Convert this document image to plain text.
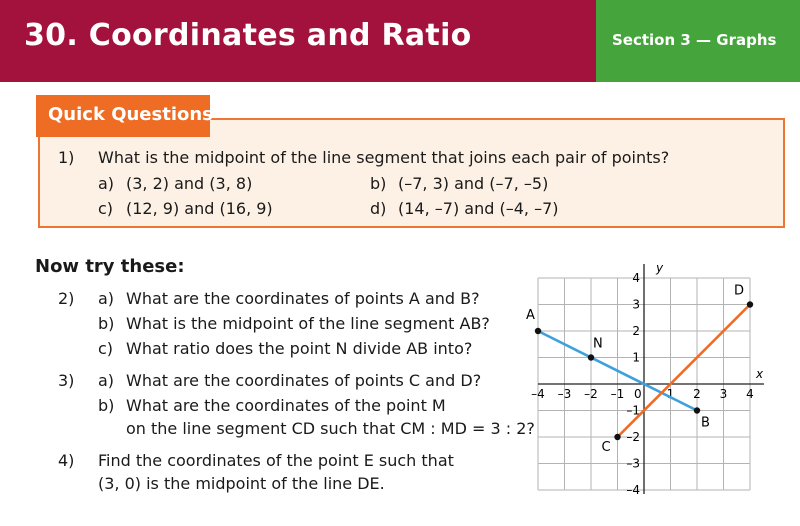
30. Coordinates and Ratio	Section 3 — Graphs
Quick Questions
1) What is the midpoint of the line segment that joins each pair of points?
a) (3, 2) and (3, 8)	b) (–7, 3) and (–7, –5)
c) (12, 9) and (16, 9)	d) (14, –7) and (–4, –7)
Now try these:
2) a) What are the coordinates of points A and B?
b) What is the midpoint of the line segment AB?
c) What ratio does the point N divide AB into?
3) a) What are the coordinates of points C and D?
b) What are the coordinates of the point M
on the line segment CD such that CM : MD = 3 : 2?
4) Find the coordinates of the point E such that
(3, 0) is the midpoint of the line DE.
x
y
–4 –3 –2 –1 0 1 2 3 4
1
2
3
4
–1
–2
–3
–4
A
N
B
C
D
